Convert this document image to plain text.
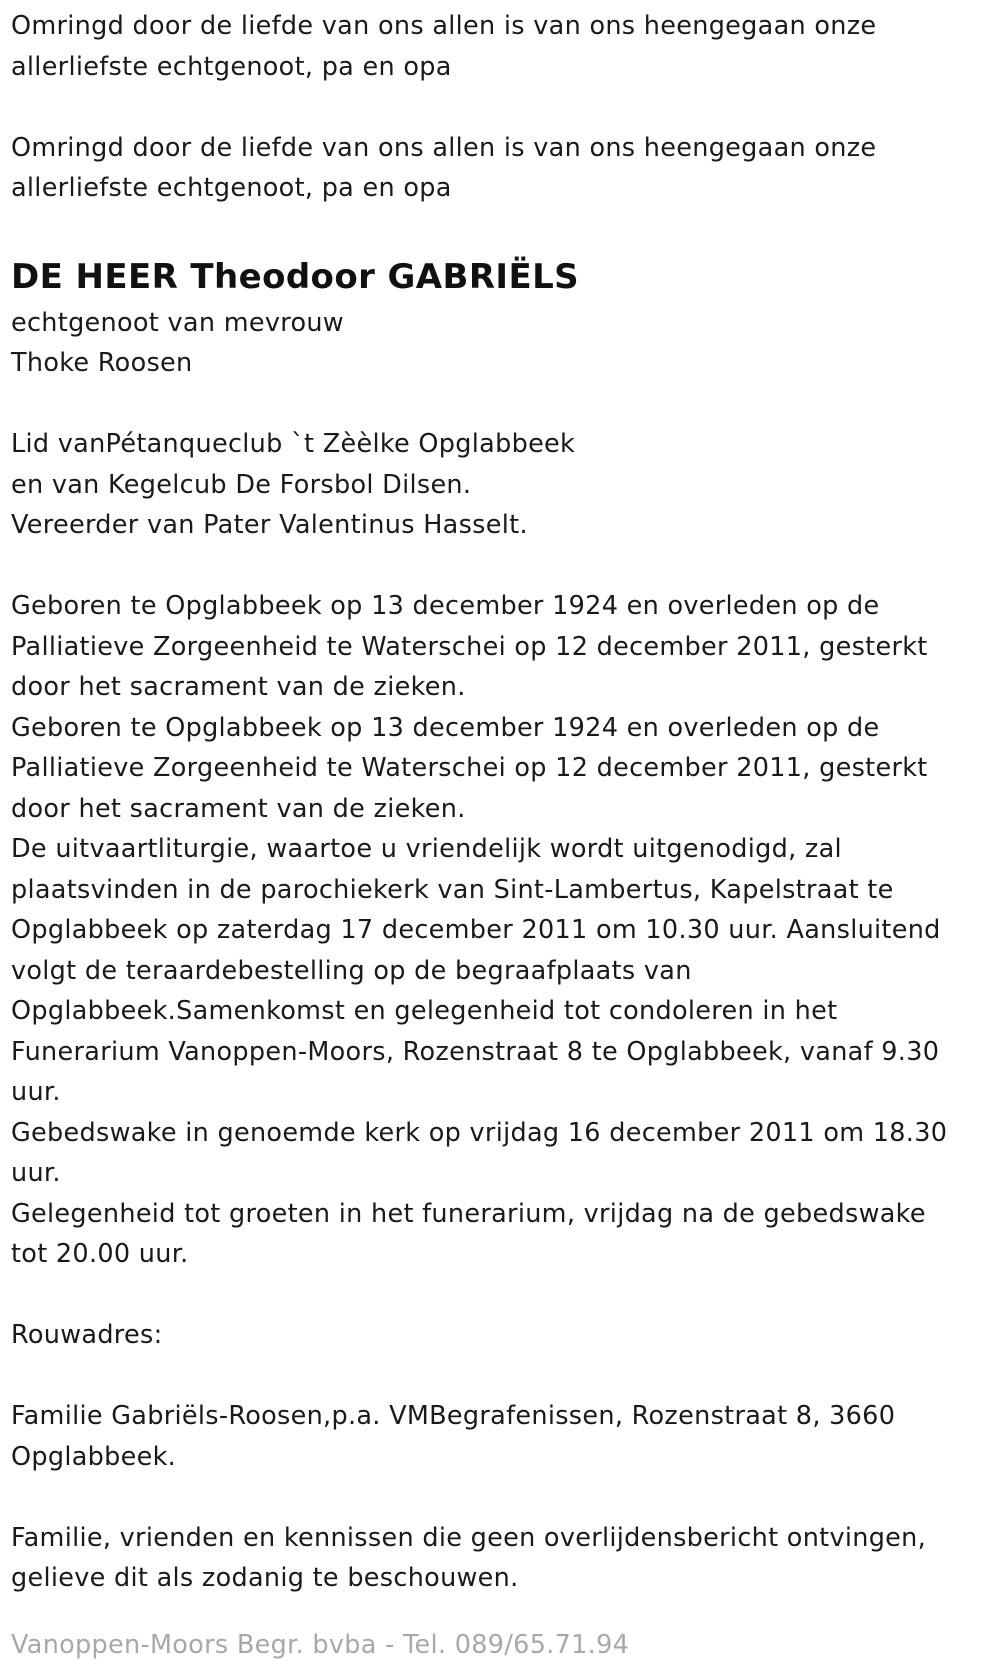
Omringd door de liefde van ons allen is van ons heengegaan onze
allerliefste echtgenoot, pa en opa
Omringd door de liefde van ons allen is van ons heengegaan onze
allerliefste echtgenoot, pa en opa
DE HEER Theodoor GABRIËLS
echtgenoot van mevrouw
Thoke Roosen
Lid vanPétanqueclub `t Zèèlke Opglabbeek
en van Kegelcub De Forsbol Dilsen.
Vereerder van Pater Valentinus Hasselt.
Geboren te Opglabbeek op 13 december 1924 en overleden op de
Palliatieve Zorgeenheid te Waterschei op 12 december 2011, gesterkt
door het sacrament van de zieken.
Geboren te Opglabbeek op 13 december 1924 en overleden op de
Palliatieve Zorgeenheid te Waterschei op 12 december 2011, gesterkt
door het sacrament van de zieken.
De uitvaartliturgie, waartoe u vriendelijk wordt uitgenodigd, zal
plaatsvinden in de parochiekerk van Sint-Lambertus, Kapelstraat te
Opglabbeek op zaterdag 17 december 2011 om 10.30 uur. Aansluitend
volgt de teraardebestelling op de begraafplaats van
Opglabbeek.Samenkomst en gelegenheid tot condoleren in het
Funerarium Vanoppen-Moors, Rozenstraat 8 te Opglabbeek, vanaf 9.30
uur.
Gebedswake in genoemde kerk op vrijdag 16 december 2011 om 18.30
uur.
Gelegenheid tot groeten in het funerarium, vrijdag na de gebedswake
tot 20.00 uur.
Rouwadres:
Familie Gabriëls-Roosen,p.a. VMBegrafenissen, Rozenstraat 8, 3660
Opglabbeek.
Familie, vrienden en kennissen die geen overlijdensbericht ontvingen,
gelieve dit als zodanig te beschouwen.
Vanoppen-Moors Begr. bvba - Tel. 089/65.71.94
